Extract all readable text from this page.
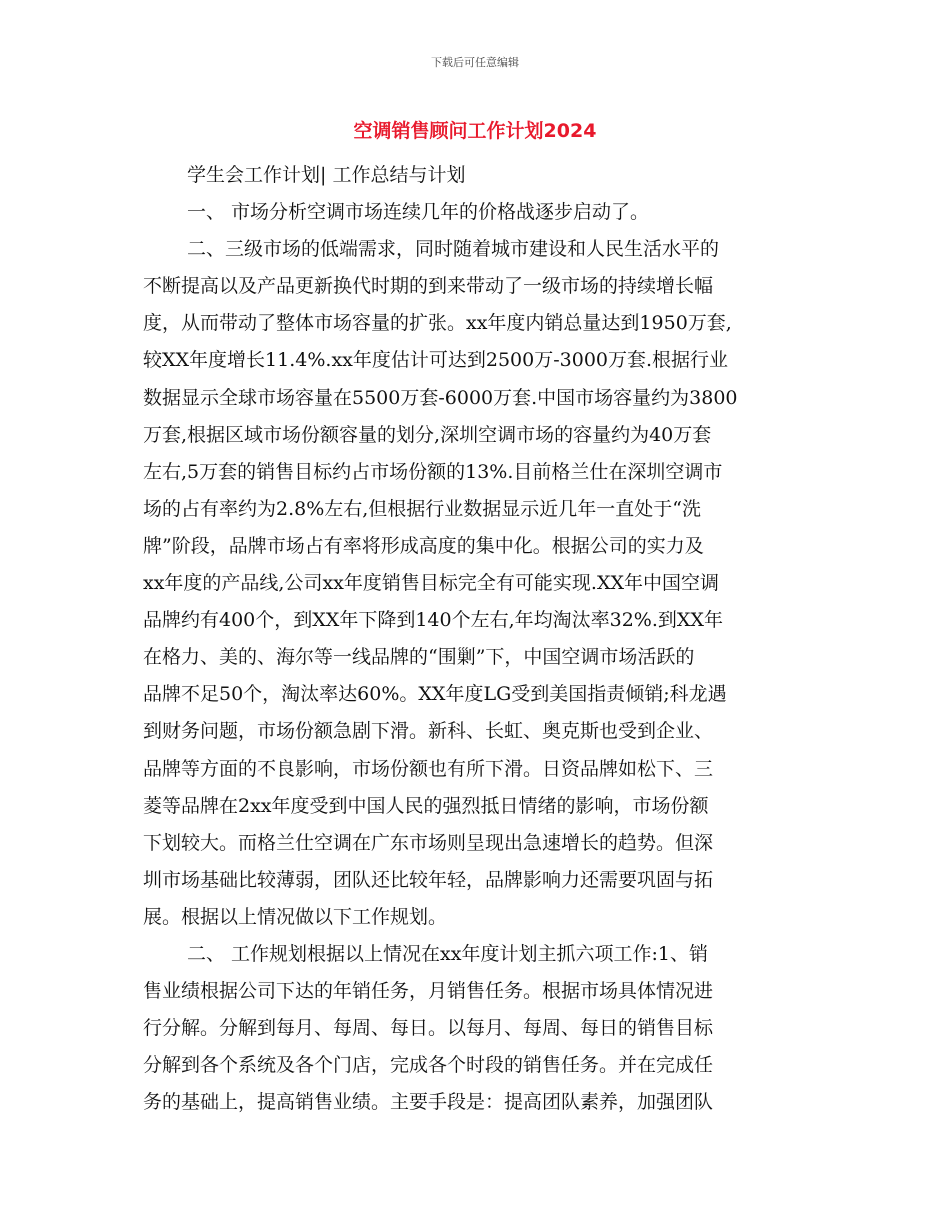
下载后可任意编辑
空调销售顾问工作计划2024
学生会工作计划| 工作总结与计划
一、 市场分析空调市场连续几年的价格战逐步启动了。
二、三级市场的低端需求，同时随着城市建设和人民生活水平的
不断提高以及产品更新换代时期的到来带动了一级市场的持续增长幅
度，从而带动了整体市场容量的扩张。xx年度内销总量达到1950万套,
较XX年度增长11.4%.xx年度估计可达到2500万-3000万套.根据行业
数据显示全球市场容量在5500万套-6000万套.中国市场容量约为3800
万套,根据区域市场份额容量的划分,深圳空调市场的容量约为40万套
左右,5万套的销售目标约占市场份额的13%.目前格兰仕在深圳空调市
场的占有率约为2.8%左右,但根据行业数据显示近几年一直处于“洗
牌”阶段，品牌市场占有率将形成高度的集中化。根据公司的实力及
xx年度的产品线,公司xx年度销售目标完全有可能实现.XX年中国空调
品牌约有400个，到XX年下降到140个左右,年均淘汰率32%.到XX年
在格力、美的、海尔等一线品牌的“围剿”下，中国空调市场活跃的
品牌不足50个，淘汰率达60%。XX年度LG受到美国指责倾销;科龙遇
到财务问题，市场份额急剧下滑。新科、长虹、奥克斯也受到企业、
品牌等方面的不良影响，市场份额也有所下滑。日资品牌如松下、三
菱等品牌在2xx年度受到中国人民的强烈抵日情绪的影响，市场份额
下划较大。而格兰仕空调在广东市场则呈现出急速增长的趋势。但深
圳市场基础比较薄弱，团队还比较年轻，品牌影响力还需要巩固与拓
展。根据以上情况做以下工作规划。
二、 工作规划根据以上情况在xx年度计划主抓六项工作:1、销
售业绩根据公司下达的年销任务，月销售任务。根据市场具体情况进
行分解。分解到每月、每周、每日。以每月、每周、每日的销售目标
分解到各个系统及各个门店，完成各个时段的销售任务。并在完成任
务的基础上，提高销售业绩。主要手段是：提高团队素养，加强团队
